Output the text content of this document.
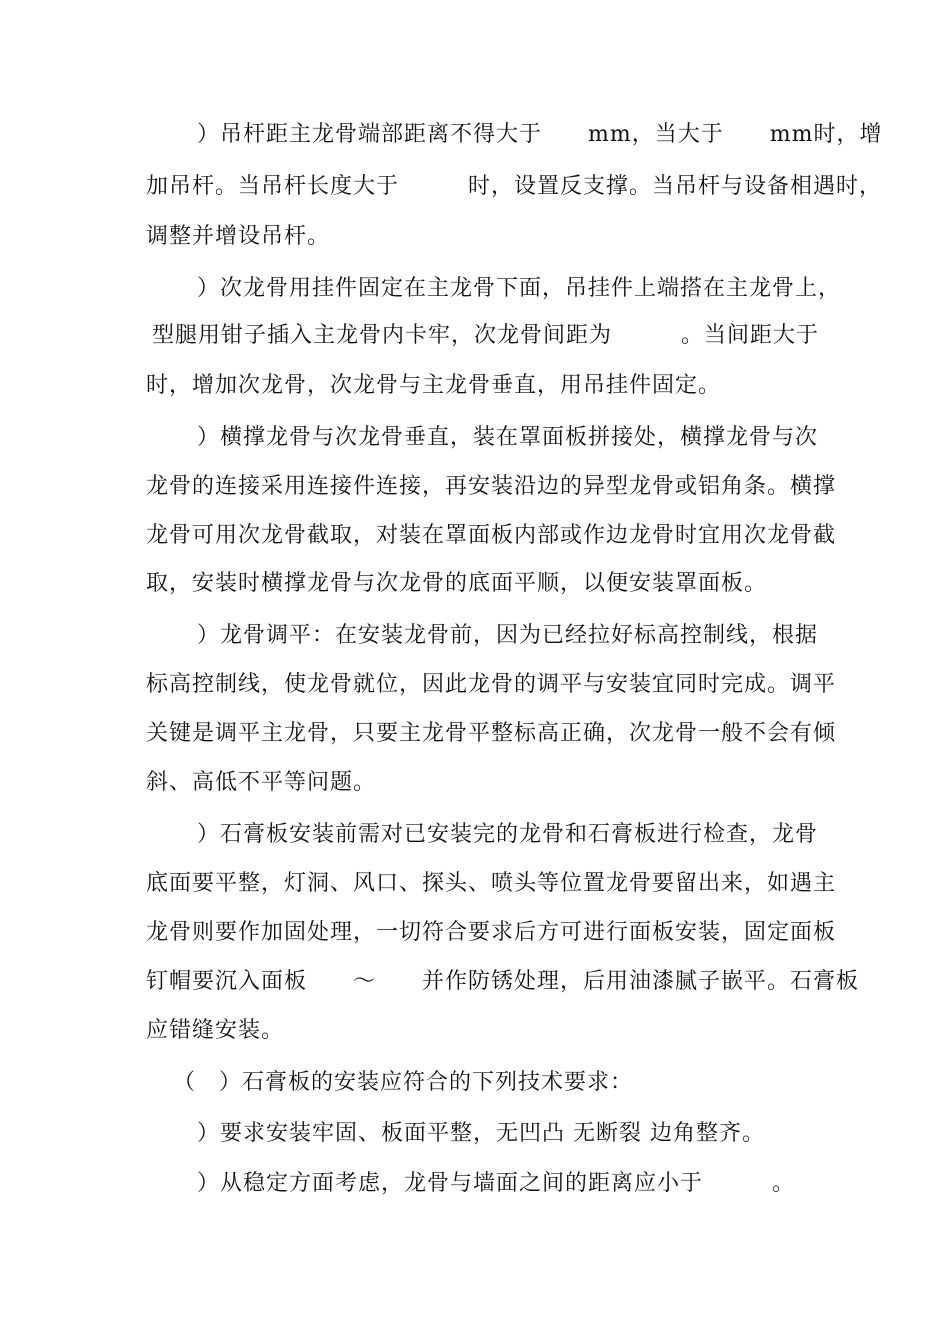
）吊杆距主龙骨端部距离不得大于　　mm，当大于　　mm时，增
加吊杆。当吊杆长度大于　　　时，设置反支撑。当吊杆与设备相遇时，
调整并增设吊杆。
）次龙骨用挂件固定在主龙骨下面，吊挂件上端搭在主龙骨上，
型腿用钳子插入主龙骨内卡牢，次龙骨间距为　　　。当间距大于
时，增加次龙骨，次龙骨与主龙骨垂直，用吊挂件固定。
）横撑龙骨与次龙骨垂直，装在罩面板拼接处，横撑龙骨与次
龙骨的连接采用连接件连接，再安装沿边的异型龙骨或铝角条。横撑
龙骨可用次龙骨截取，对装在罩面板内部或作边龙骨时宜用次龙骨截
取，安装时横撑龙骨与次龙骨的底面平顺，以便安装罩面板。
）龙骨调平：在安装龙骨前，因为已经拉好标高控制线，根据
标高控制线，使龙骨就位，因此龙骨的调平与安装宜同时完成。调平
关键是调平主龙骨，只要主龙骨平整标高正确，次龙骨一般不会有倾
斜、高低不平等问题。
）石膏板安装前需对已安装完的龙骨和石膏板进行检查，龙骨
底面要平整，灯洞、风口、探头、喷头等位置龙骨要留出来，如遇主
龙骨则要作加固处理，一切符合要求后方可进行面板安装，固定面板
钉帽要沉入面板　　～　　并作防锈处理，后用油漆腻子嵌平。石膏板
应错缝安装。
（　）石膏板的安装应符合的下列技术要求：
）要求安装牢固、板面平整，无凹凸 无断裂 边角整齐。
）从稳定方面考虑，龙骨与墙面之间的距离应小于　　　。
